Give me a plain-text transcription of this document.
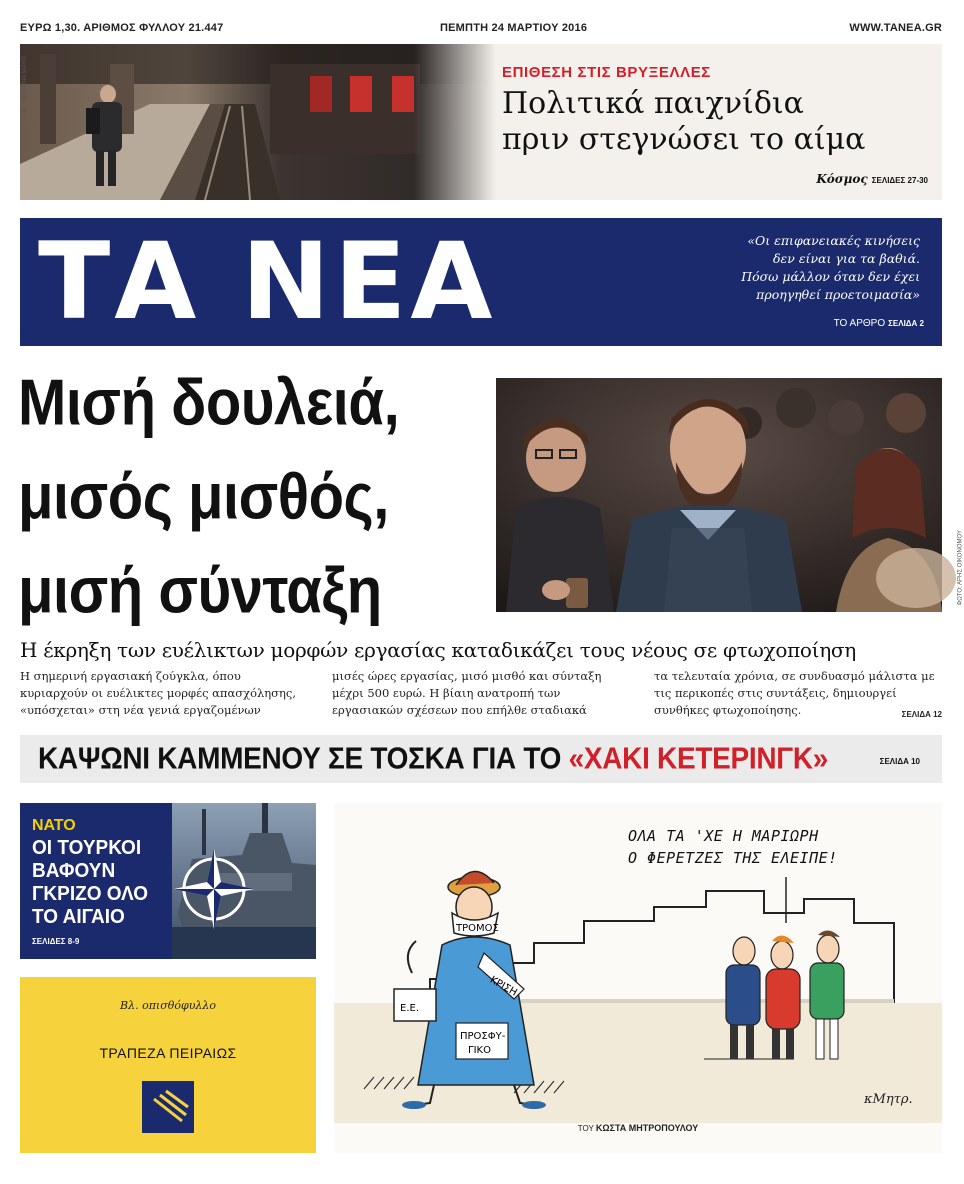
ΕΥΡΩ 1,30. ΑΡΙΘΜΟΣ ΦΥΛΛΟΥ 21.447	ΠΕΜΠΤΗ 24 ΜΑΡΤΙΟΥ 2016	WWW.TANEA.GR
AP / VIRGINIA MAYO	ΕΠΙΘΕΣΗ ΣΤΙΣ ΒΡΥΞΕΛΛΕΣ
Πολιτικά παιχνίδια
πριν στεγνώσει το αίμα
Κόσμος ΣΕΛΙΔΕΣ 27-30
ΤΑ ΝΕΑ	«Οι επιφανειακές κινήσεις
δεν είναι για τα βαθιά.
Πόσω μάλλον όταν δεν έχει
προηγηθεί προετοιμασία»
ΤΟ ΑΡΘΡΟ ΣΕΛΙΔΑ 2
Μισή δουλειά,
μισός μισθός,
μισή σύνταξη	ΦΩΤΟ: ΑΡΗΣ ΟΙΚΟΝΟΜΟΥ
Η έκρηξη των ευέλικτων μορφών εργασίας καταδικάζει τους νέους σε φτωχοποίηση
Η σημερινή εργασιακή ζούγκλα, όπου κυριαρχούν οι ευέλικτες μορφές απασχόλησης, «υπόσχεται» στη νέα γενιά εργαζομένων
μισές ώρες εργασίας, μισό μισθό και σύνταξη μέχρι 500 ευρώ. Η βίαιη ανατροπή των εργασιακών σχέσεων που επήλθε σταδιακά
τα τελευταία χρόνια, σε συνδυασμό μάλιστα με τις περικοπές στις συντάξεις, δημιουργεί συνθήκες φτωχοποίησης.	ΣΕΛΙΔΑ 12
ΚΑΨΩΝΙ ΚΑΜΜΕΝΟΥ ΣΕ ΤΟΣΚΑ ΓΙΑ ΤΟ «ΧΑΚΙ ΚΕΤΕΡΙΝΓΚ»	ΣΕΛΙΔΑ 10
ΝΑΤΟ
ΟΙ ΤΟΥΡΚΟΙ
ΒΑΦΟΥΝ
ΓΚΡΙΖΟ ΟΛΟ
ΤΟ ΑΙΓΑΙΟ
ΣΕΛΙΔΕΣ 8-9
Βλ. οπισθόφυλλο
ΤΡΑΠΕΖΑ ΠΕΙΡΑΙΩΣ
ΤΡΟΜΟΣ
ΚΡΙΣΗ
ΠΡΟΣΦΥ-
ΓΙΚΟ
Ε.Ε.
κΜητρ.
ΟΛΑ ΤΑ 'ΧΕ Η ΜΑΡΙΩΡΗ
Ο ΦΕΡΕΤΖΕΣ ΤΗΣ ΕΛΕΙΠΕ!
ΤΟΥ ΚΩΣΤΑ ΜΗΤΡΟΠΟΥΛΟΥ
